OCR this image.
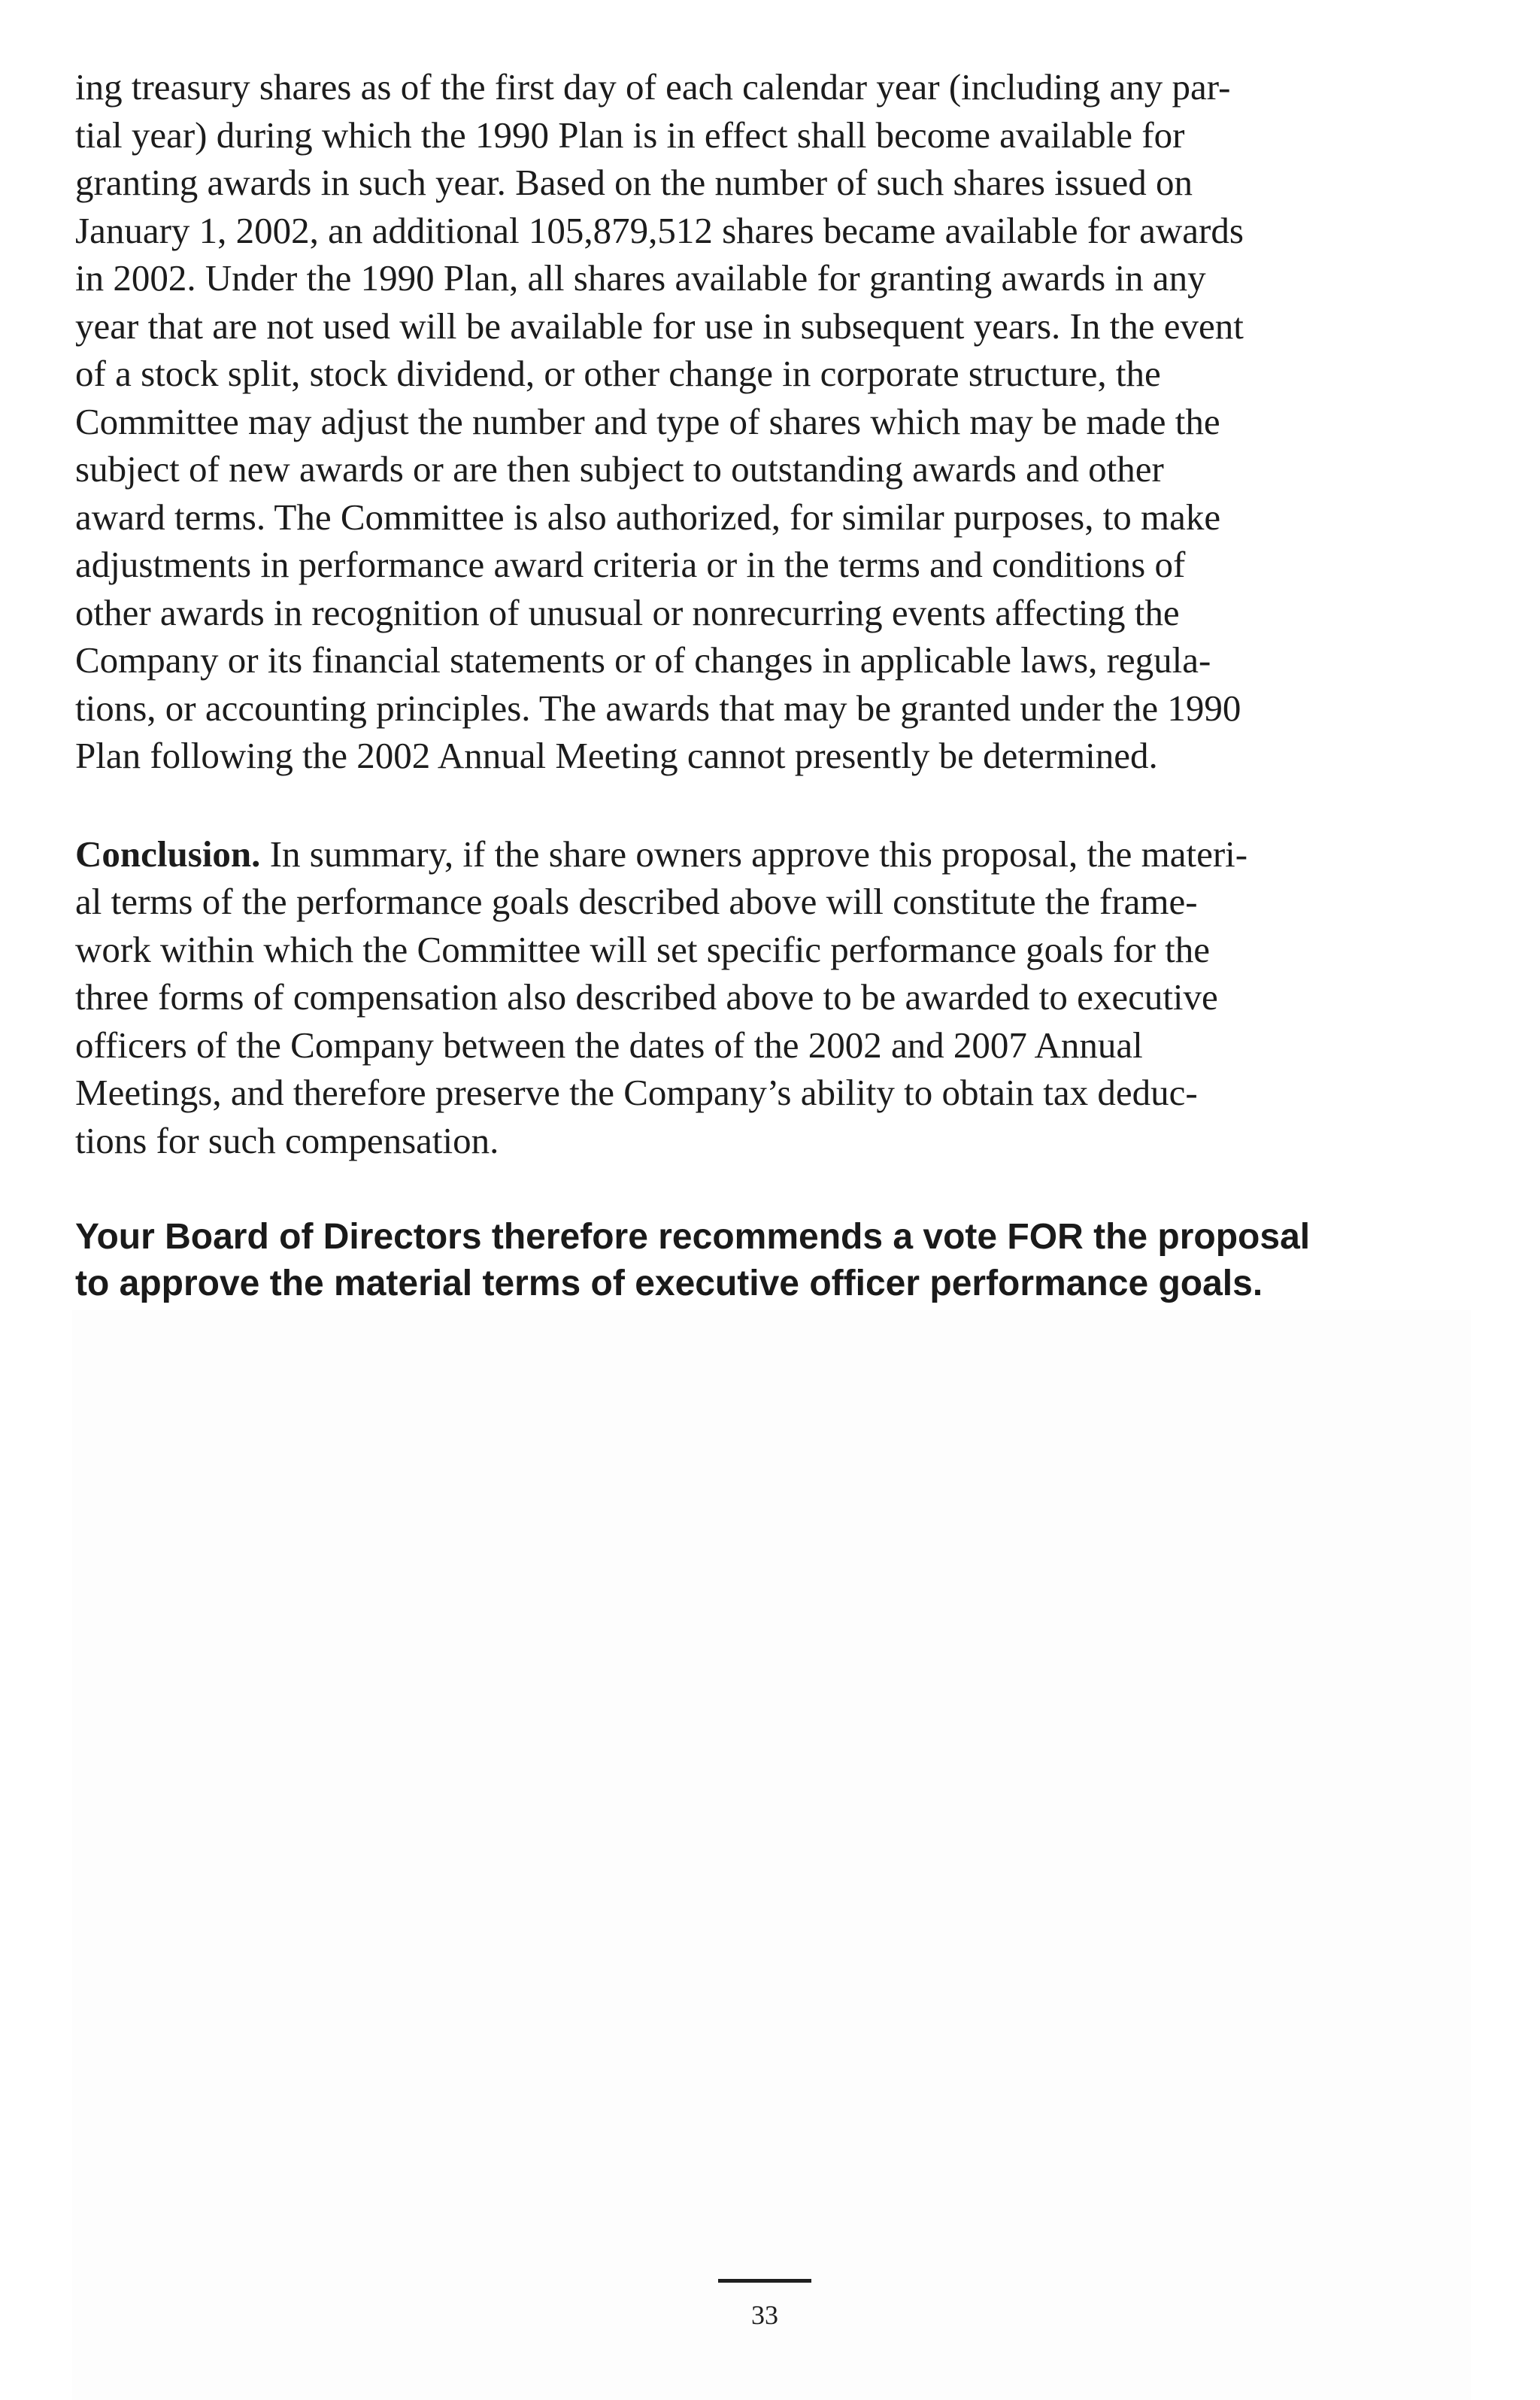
ing treasury shares as of the first day of each calendar year (including any par-
tial year) during which the 1990 Plan is in effect shall become available for
granting awards in such year. Based on the number of such shares issued on
January 1, 2002, an additional 105,879,512 shares became available for awards
in 2002. Under the 1990 Plan, all shares available for granting awards in any
year that are not used will be available for use in subsequent years. In the event
of a stock split, stock dividend, or other change in corporate structure, the
Committee may adjust the number and type of shares which may be made the
subject of new awards or are then subject to outstanding awards and other
award terms. The Committee is also authorized, for similar purposes, to make
adjustments in performance award criteria or in the terms and conditions of
other awards in recognition of unusual or nonrecurring events affecting the
Company or its financial statements or of changes in applicable laws, regula-
tions, or accounting principles. The awards that may be granted under the 1990
Plan following the 2002 Annual Meeting cannot presently be determined.

Conclusion. In summary, if the share owners approve this proposal, the materi-
al terms of the performance goals described above will constitute the frame-
work within which the Committee will set specific performance goals for the
three forms of compensation also described above to be awarded to executive
officers of the Company between the dates of the 2002 and 2007 Annual
Meetings, and therefore preserve the Company’s ability to obtain tax deduc-
tions for such compensation.

Your Board of Directors therefore recommends a vote FOR the proposal
to approve the material terms of executive officer performance goals.

33
